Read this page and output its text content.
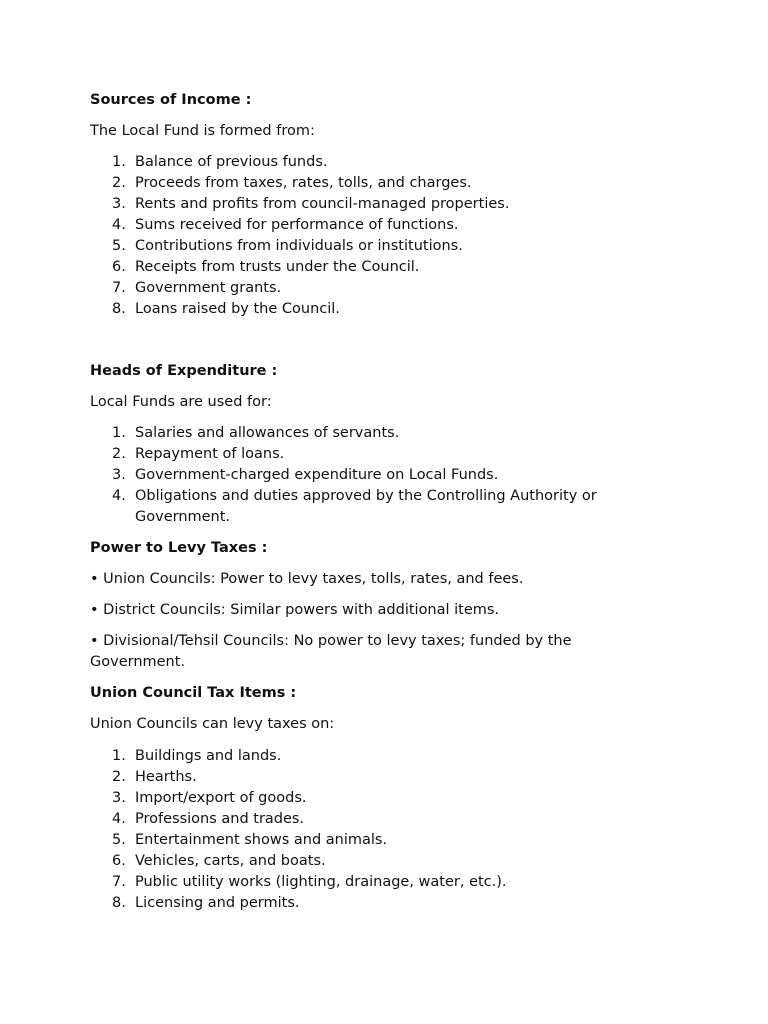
Sources of Income :
The Local Fund is formed from:
1. Balance of previous funds.
2. Proceeds from taxes, rates, tolls, and charges.
3. Rents and profits from council-managed properties.
4. Sums received for performance of functions.
5. Contributions from individuals or institutions.
6. Receipts from trusts under the Council.
7. Government grants.
8. Loans raised by the Council.
Heads of Expenditure :
Local Funds are used for:
1. Salaries and allowances of servants.
2. Repayment of loans.
3. Government-charged expenditure on Local Funds.
4. Obligations and duties approved by the Controlling Authority or Government.
Power to Levy Taxes :
• Union Councils: Power to levy taxes, tolls, rates, and fees.
• District Councils: Similar powers with additional items.
• Divisional/Tehsil Councils: No power to levy taxes; funded by the Government.
Union Council Tax Items :
Union Councils can levy taxes on:
1. Buildings and lands.
2. Hearths.
3. Import/export of goods.
4. Professions and trades.
5. Entertainment shows and animals.
6. Vehicles, carts, and boats.
7. Public utility works (lighting, drainage, water, etc.).
8. Licensing and permits.
